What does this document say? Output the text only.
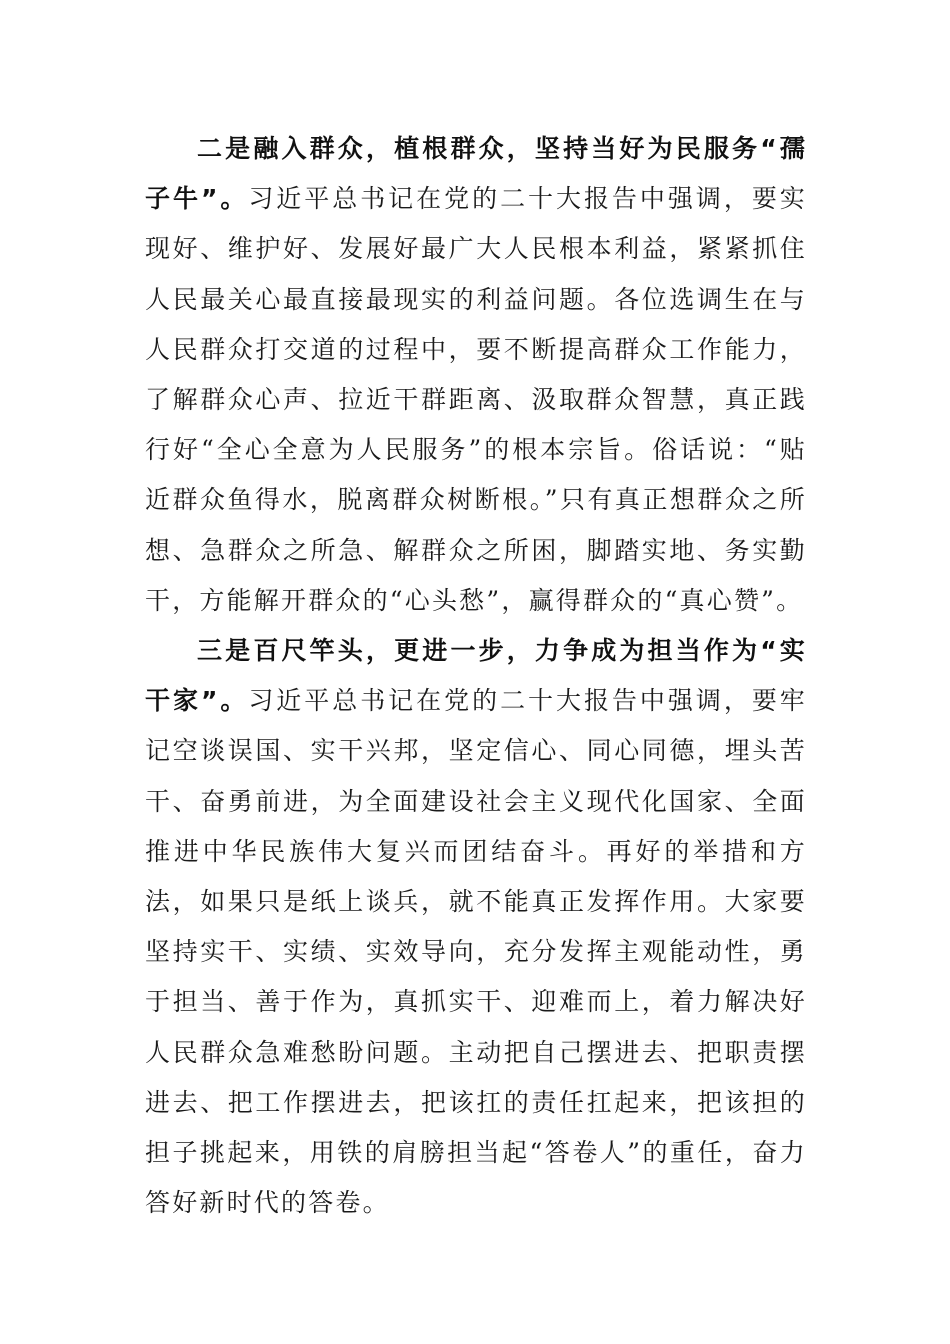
二是融入群众，植根群众，坚持当好为民服务“孺子牛”。习近平总书记在党的二十大报告中强调，要实现好、维护好、发展好最广大人民根本利益，紧紧抓住人民最关心最直接最现实的利益问题。各位选调生在与人民群众打交道的过程中，要不断提高群众工作能力，了解群众心声、拉近干群距离、汲取群众智慧，真正践行好“全心全意为人民服务”的根本宗旨。俗话说：“贴近群众鱼得水，脱离群众树断根。”只有真正想群众之所想、急群众之所急、解群众之所困，脚踏实地、务实勤干，方能解开群众的“心头愁”，赢得群众的“真心赞”。

三是百尺竿头，更进一步，力争成为担当作为“实干家”。习近平总书记在党的二十大报告中强调，要牢记空谈误国、实干兴邦，坚定信心、同心同德，埋头苦干、奋勇前进，为全面建设社会主义现代化国家、全面推进中华民族伟大复兴而团结奋斗。再好的举措和方法，如果只是纸上谈兵，就不能真正发挥作用。大家要坚持实干、实绩、实效导向，充分发挥主观能动性，勇于担当、善于作为，真抓实干、迎难而上，着力解决好人民群众急难愁盼问题。主动把自己摆进去、把职责摆进去、把工作摆进去，把该扛的责任扛起来，把该担的担子挑起来，用铁的肩膀担当起“答卷人”的重任，奋力答好新时代的答卷。
